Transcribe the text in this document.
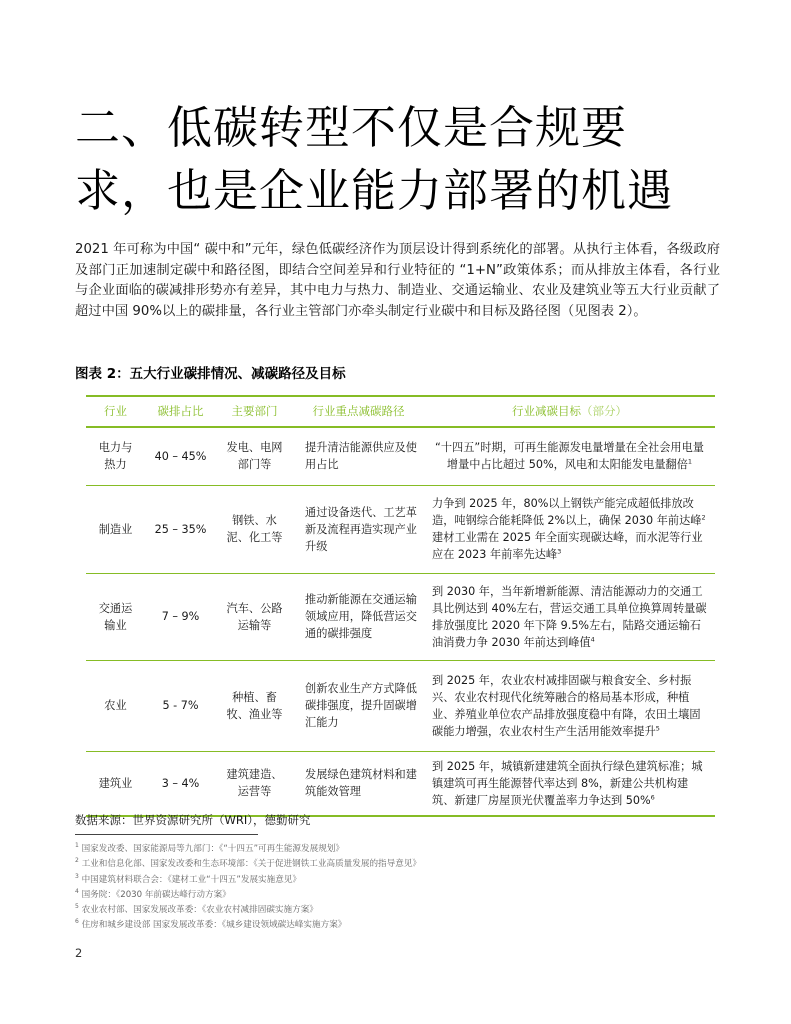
二、低碳转型不仅是合规要
求，也是企业能力部署的机遇
2021 年可称为中国“ 碳中和”元年，绿色低碳经济作为顶层设计得到系统化的部署。从执行主体看，各级政府及部门正加速制定碳中和路径图，即结合空间差异和行业特征的 “1+N”政策体系；而从排放主体看，各行业与企业面临的碳减排形势亦有差异，其中电力与热力、制造业、交通运输业、农业及建筑业等五大行业贡献了超过中国 90%以上的碳排量，各行业主管部门亦牵头制定行业碳中和目标及路径图（见图表 2）。
图表 2：五大行业碳排情况、减碳路径及目标
行业	碳排占比	主要部门	行业重点减碳路径	行业减碳目标（部分）
电力与热力	40 – 45%	发电、电网部门等	提升清洁能源供应及使用占比	“十四五”时期，可再生能源发电量增量在全社会用电量增量中占比超过 50%，风电和太阳能发电量翻倍$^1$
制造业	25 – 35%	钢铁、水泥、化工等	通过设备迭代、工艺革新及流程再造实现产业升级	力争到 2025 年，80%以上钢铁产能完成超低排放改造，吨钢综合能耗降低 2%以上，确保 2030 年前达峰$^2$
建材工业需在 2025 年全面实现碳达峰，而水泥等行业应在 2023 年前率先达峰$^3$
交通运输业	7 – 9%	汽车、公路运输等	推动新能源在交通运输领域应用，降低营运交通的碳排强度	到 2030 年，当年新增新能源、清洁能源动力的交通工具比例达到 40%左右，营运交通工具单位换算周转量碳排放强度比 2020 年下降 9.5%左右，陆路交通运输石油消费力争 2030 年前达到峰值$^4$
农业	5 - 7%	种植、畜牧、渔业等	创新农业生产方式降低碳排强度，提升固碳增汇能力	到 2025 年，农业农村减排固碳与粮食安全、乡村振兴、农业农村现代化统筹融合的格局基本形成，种植业、养殖业单位农产品排放强度稳中有降，农田土壤固碳能力增强，农业农村生产生活用能效率提升$^5$
建筑业	3 – 4%	建筑建造、运营等	发展绿色建筑材料和建筑能效管理	到 2025 年，城镇新建建筑全面执行绿色建筑标准；城镇建筑可再生能源替代率达到 8%，新建公共机构建筑、新建厂房屋顶光伏覆盖率力争达到 50%$^6$
数据来源：世界资源研究所（WRI），德勤研究
$^1$ 国家发改委、国家能源局等九部门：《“十四五”可再生能源发展规划》
$^2$ 工业和信息化部、国家发改委和生态环境部：《关于促进钢铁工业高质量发展的指导意见》
$^3$ 中国建筑材料联合会：《建材工业“十四五”发展实施意见》
$^4$ 国务院：《2030 年前碳达峰行动方案》
$^5$ 农业农村部、国家发展改革委：《农业农村减排固碳实施方案》
$^6$ 住房和城乡建设部 国家发展改革委：《城乡建设领域碳达峰实施方案》
2
